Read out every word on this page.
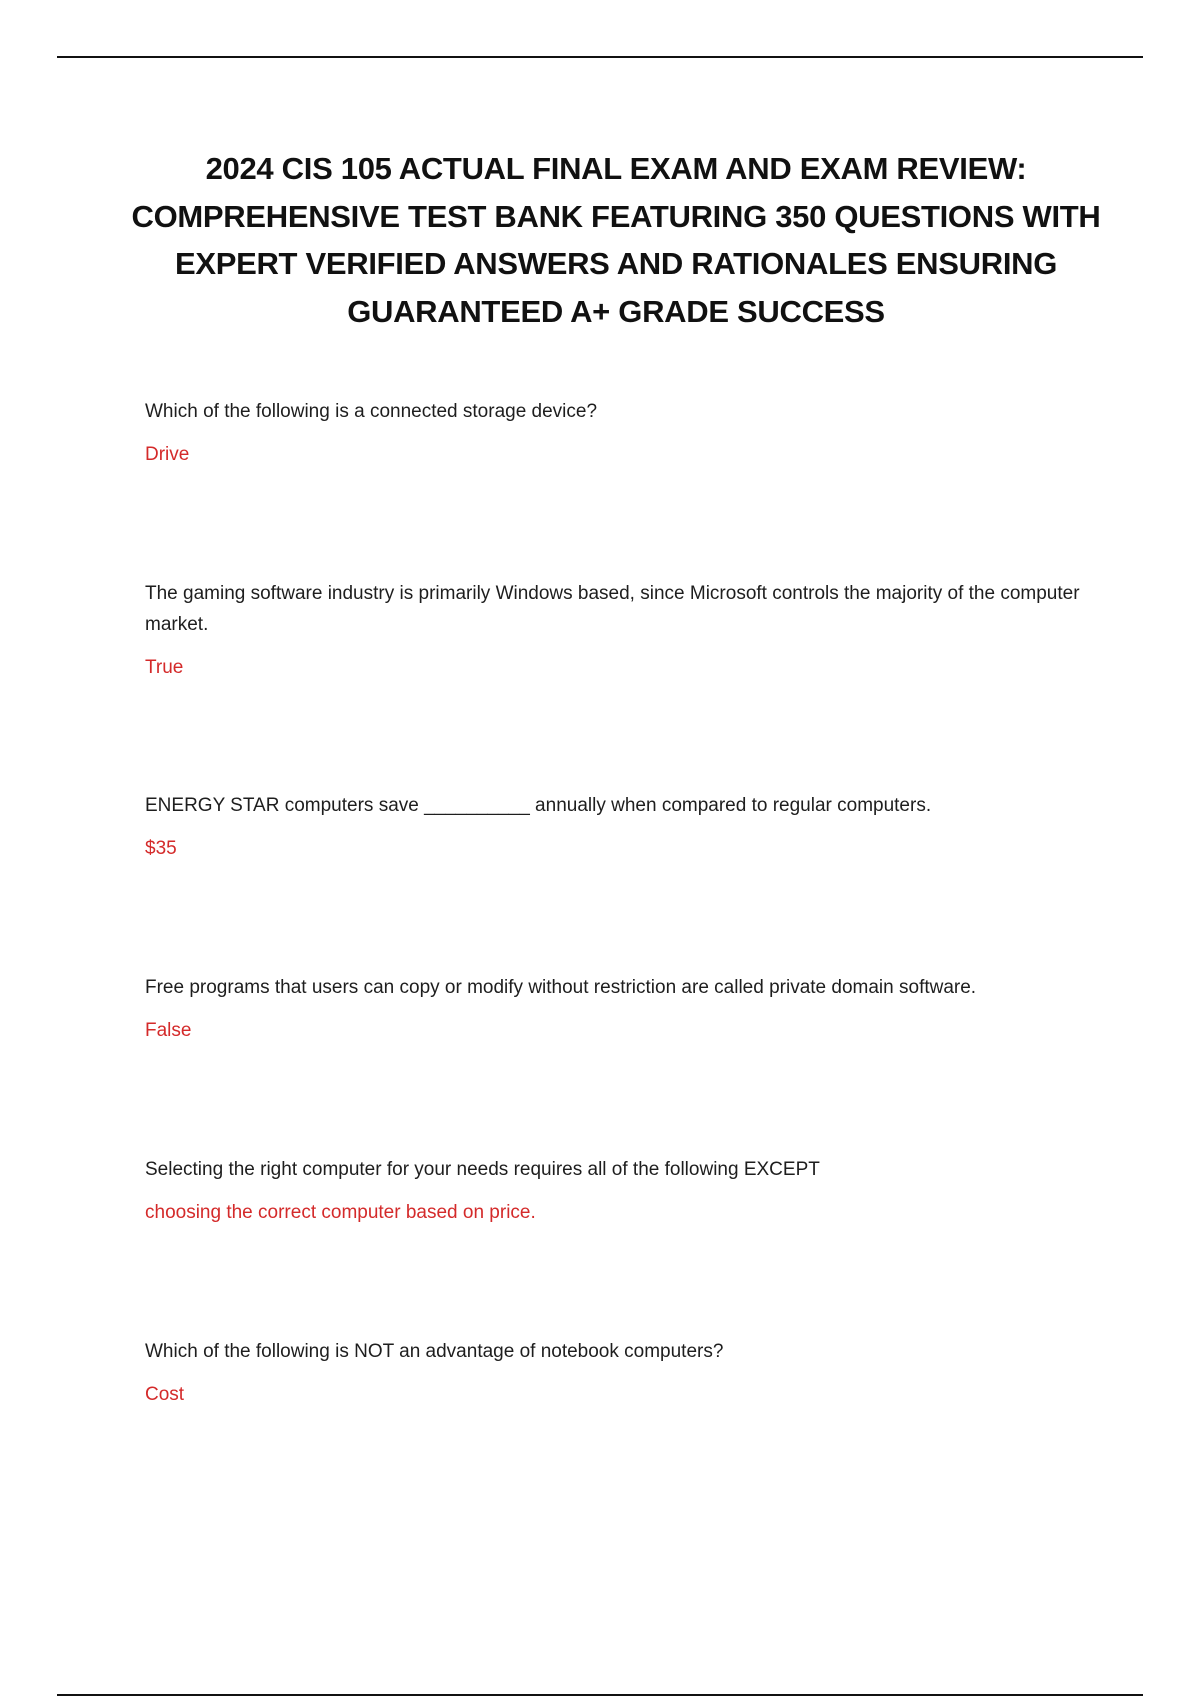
2024 CIS 105 ACTUAL FINAL EXAM AND EXAM REVIEW: COMPREHENSIVE TEST BANK FEATURING 350 QUESTIONS WITH EXPERT VERIFIED ANSWERS AND RATIONALES ENSURING GUARANTEED A+ GRADE SUCCESS

Which of the following is a connected storage device?

Drive

The gaming software industry is primarily Windows based, since Microsoft controls the majority of the computer market.

True

ENERGY STAR computers save __________ annually when compared to regular computers.

$35

Free programs that users can copy or modify without restriction are called private domain software.

False

Selecting the right computer for your needs requires all of the following EXCEPT

choosing the correct computer based on price.

Which of the following is NOT an advantage of notebook computers?

Cost
